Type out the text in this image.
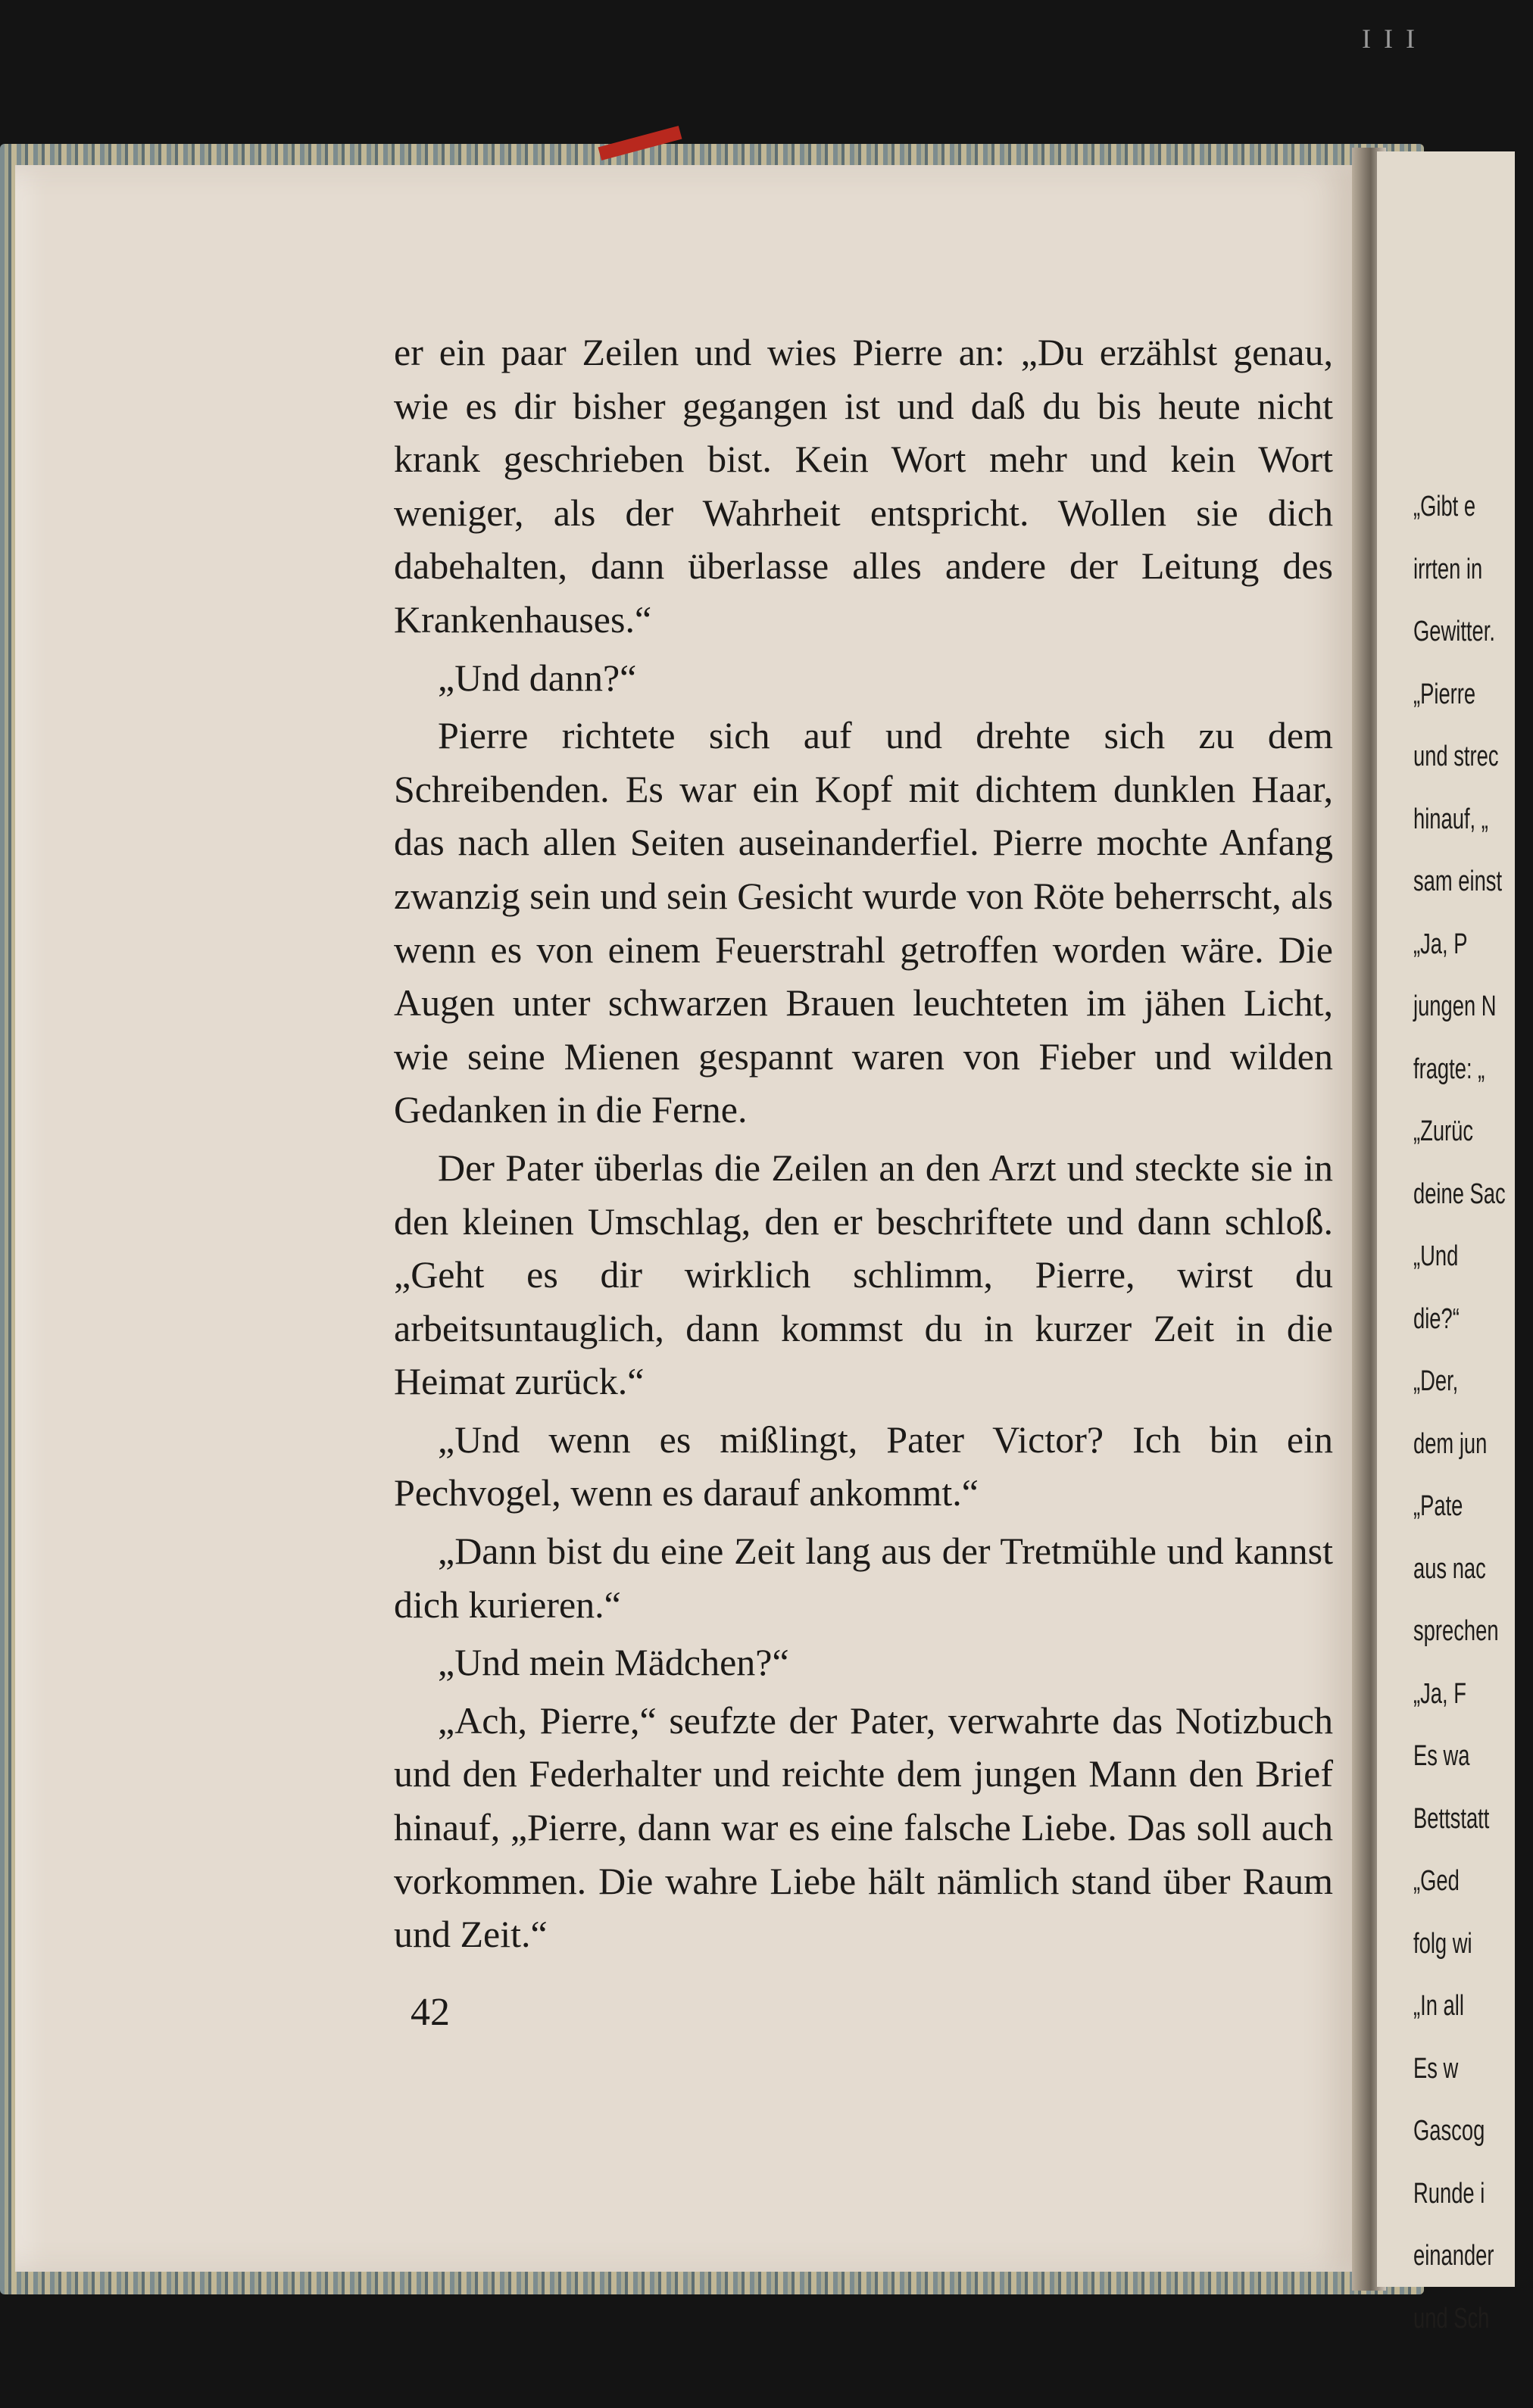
„Gibt e
irrten in
Gewitter.
„Pierre
und strec
hinauf, „
sam einst
„Ja, P
jungen N
fragte: „
„Zurüc
deine Sac
„Und
die?“
„Der,
dem jun
„Pate
aus nac
sprechen
„Ja, F
Es wa
Bettstatt
„Ged
folg wi
„In all
Es w
Gascog
Runde i
einander
und Sch
I I I

er ein paar Zeilen und wies Pierre an: „Du erzählst genau, wie es dir bisher gegangen ist und daß du bis heute nicht krank geschrieben bist. Kein Wort mehr und kein Wort weniger, als der Wahrheit entspricht. Wollen sie dich dabehalten, dann überlasse alles andere der Leitung des Krankenhauses.“

„Und dann?“

Pierre richtete sich auf und drehte sich zu dem Schreibenden. Es war ein Kopf mit dichtem dunklen Haar, das nach allen Seiten auseinanderfiel. Pierre mochte Anfang zwanzig sein und sein Gesicht wurde von Röte beherrscht, als wenn es von einem Feuerstrahl getroffen worden wäre. Die Augen unter schwarzen Brauen leuchteten im jähen Licht, wie seine Mienen gespannt waren von Fieber und wilden Gedanken in die Ferne.

Der Pater überlas die Zeilen an den Arzt und steckte sie in den kleinen Umschlag, den er beschriftete und dann schloß. „Geht es dir wirklich schlimm, Pierre, wirst du arbeitsuntauglich, dann kommst du in kurzer Zeit in die Heimat zurück.“

„Und wenn es mißlingt, Pater Victor? Ich bin ein Pechvogel, wenn es darauf ankommt.“

„Dann bist du eine Zeit lang aus der Tretmühle und kannst dich kurieren.“

„Und mein Mädchen?“

„Ach, Pierre,“ seufzte der Pater, verwahrte das Notizbuch und den Federhalter und reichte dem jungen Mann den Brief hinauf, „Pierre, dann war es eine falsche Liebe. Das soll auch vorkommen. Die wahre Liebe hält nämlich stand über Raum und Zeit.“

42
